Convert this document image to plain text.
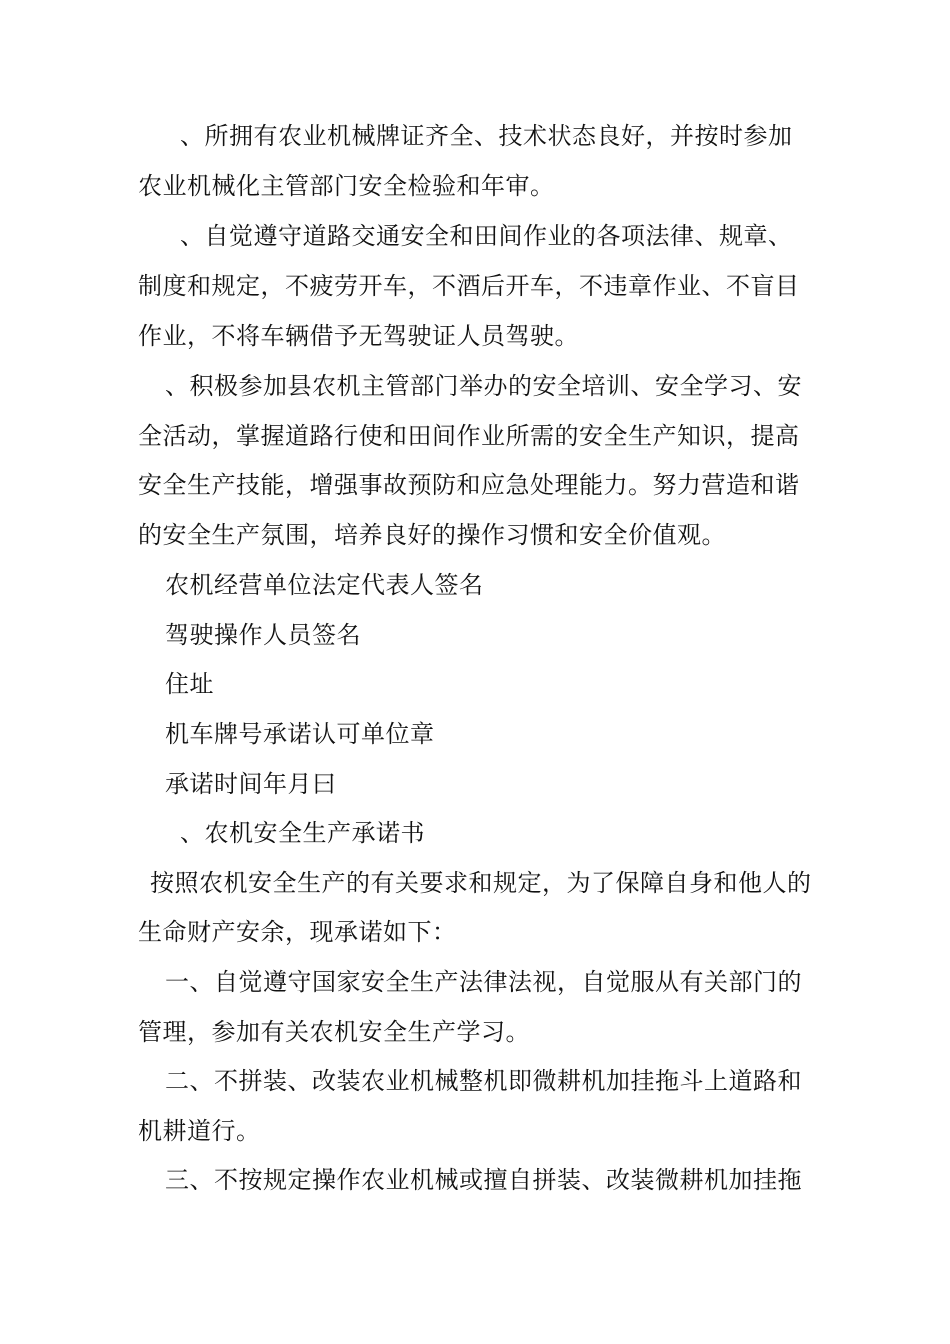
、所拥有农业机械牌证齐全、技术状态良好，并按时参加
农业机械化主管部门安全检验和年审。
、自觉遵守道路交通安全和田间作业的各项法律、规章、
制度和规定，不疲劳开车，不酒后开车，不违章作业、不盲目
作业，不将车辆借予无驾驶证人员驾驶。
、积极参加县农机主管部门举办的安全培训、安全学习、安
全活动，掌握道路行使和田间作业所需的安全生产知识，提高
安全生产技能，增强事故预防和应急处理能力。努力营造和谐
的安全生产氛围，培养良好的操作习惯和安全价值观。
农机经营单位法定代表人签名
驾驶操作人员签名
住址
机车牌号承诺认可单位章
承诺时间年月曰
、农机安全生产承诺书
按照农机安全生产的有关要求和规定，为了保障自身和他人的
生命财产安余，现承诺如下：
一、自觉遵守国家安全生产法律法视，自觉服从有关部门的
管理，参加有关农机安全生产学习。
二、不拼装、改装农业机械整机即微耕机加挂拖斗上道路和
机耕道行。
三、不按规定操作农业机械或擅自拼装、改装微耕机加挂拖
